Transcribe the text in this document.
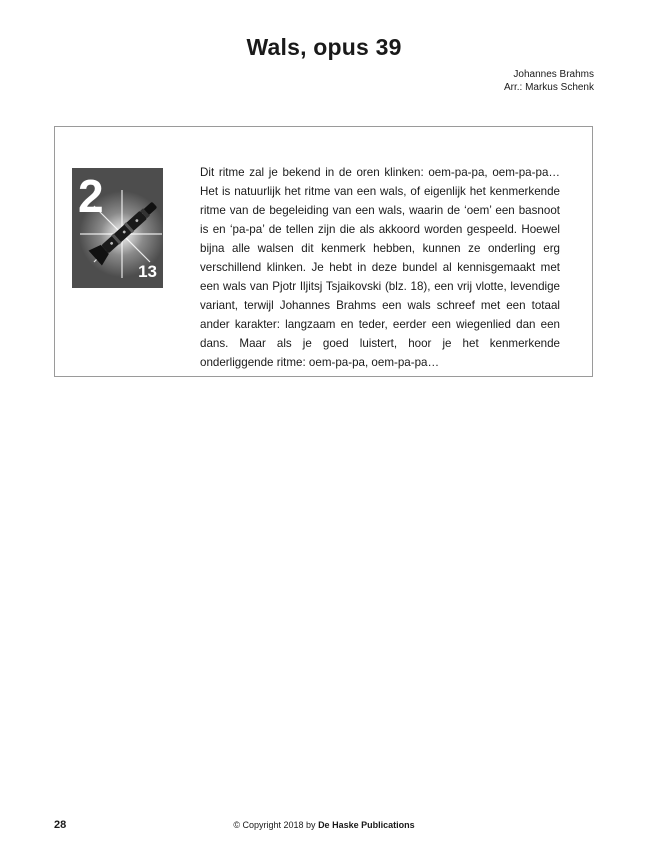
Wals, opus 39
Johannes Brahms
Arr.: Markus Schenk
2
13

Dit ritme zal je bekend in de oren klinken: oem-pa-pa, oem-pa-pa… Het is natuurlijk het ritme van een wals, of eigenlijk het kenmerkende ritme van de begeleiding van een wals, waarin de ‘oem’ een basnoot is en ‘pa-pa’ de tellen zijn die als akkoord worden gespeeld. Hoewel bijna alle walsen dit kenmerk hebben, kunnen ze onderling erg verschillend klinken. Je hebt in deze bundel al kennisgemaakt met een wals van Pjotr Iljitsj Tsjaikovski (blz. 18), een vrij vlotte, levendige variant, terwijl Johannes Brahms een wals schreef met een totaal ander karakter: langzaam en teder, eerder een wiegenlied dan een dans. Maar als je goed luistert, hoor je het kenmerkende onderliggende ritme: oem-pa-pa, oem-pa-pa…

28	© Copyright 2018 by De Haske Publications
